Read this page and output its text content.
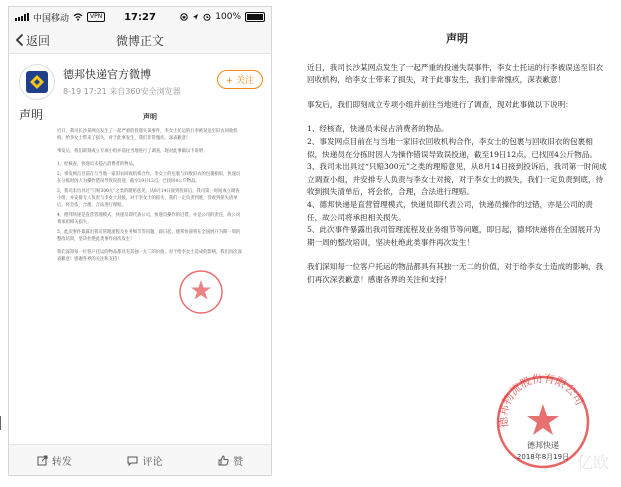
中国移动	VPN	17:27	100%
返回	微博正文
德邦快递官方微博
8-19 17:21 来自360安全浏览器
+ 关注
声明	声明

近日，我司长沙某网点发生了一起严重的投递失误事件，李女士托运的行李被误送至旧衣回收机构，给李女士带来了损失，对于此事发生，我们非常愧疚，深表歉意！

事发后，我们即刻成立专项小组并前往当地进行了调查，现对此事做以下说明：

1、经核查，快递员未侵占消费者的物品。

2、事发网点目前在与当地一家旧衣回收机构合作，李女士的包裹与回收旧衣的包裹相似，快递员在分拣时因人为操作错误导致误投递，截至19日12点，已找回4公斤物品。

3、我司未出具过“只赔300元”之类的理赔意见，从8月14日接到投诉后，我司第一时间成立调查小组，并安排专人负责与李女士对接，对于李女士的损失，我们一定负责到底，待收到损失清单后，将会依，合理，合法进行理赔。

4、德邦快递是直营管理模式，快递员即代表公司，快递员操作的过错，亦是公司的责任，故公司将承担相关损失。

5、此次事件暴露出我司管理流程及业务细节等问题，即日起，德邦快递将在全国展开为期一周的整改培训，坚决杜绝此类事件再次发生！

我们深知每一位客户托运的物品都具有其独一无二的价值，对于给李女士造成的影响，我们再次深表歉意！感谢各界的关注和支持！

转发	评论	赞
声明

近日，我司长沙某网点发生了一起严重的投递失误事件，李女士托运的行李被误送至旧衣回收机构，给李女士带来了损失，对于此事发生，我们非常愧疚，深表歉意！

事发后，我们即刻成立专项小组并前往当地进行了调查，现对此事做以下说明：

1、经核查，快递员未侵占消费者的物品。

2、事发网点目前在与当地一家旧衣回收机构合作，李女士的包裹与回收旧衣的包裹相似，快递员在分拣时因人为操作错误导致误投递，截至19日12点，已找回4公斤物品。

3、我司未出具过“只赔300元”之类的理赔意见，从8月14日接到投诉后，我司第一时间成立调查小组，并安排专人负责与李女士对接，对于李女士的损失，我们一定负责到底，待收到损失清单后，将会依，合理，合法进行理赔。

4、德邦快递是直营管理模式，快递员即代表公司，快递员操作的过错，亦是公司的责任，故公司将承担相关损失。

5、此次事件暴露出我司管理流程及业务细节等问题，即日起，德邦快递将在全国展开为期一周的整改培训，坚决杜绝此类事件再次发生！

我们深知每一位客户托运的物品都具有其独一无二的价值，对于给李女士造成的影响，我们再次深表歉意！感谢各界的关注和支持！

德邦物流股份有限公司
德邦快递
2018年8月19日 亿欧
